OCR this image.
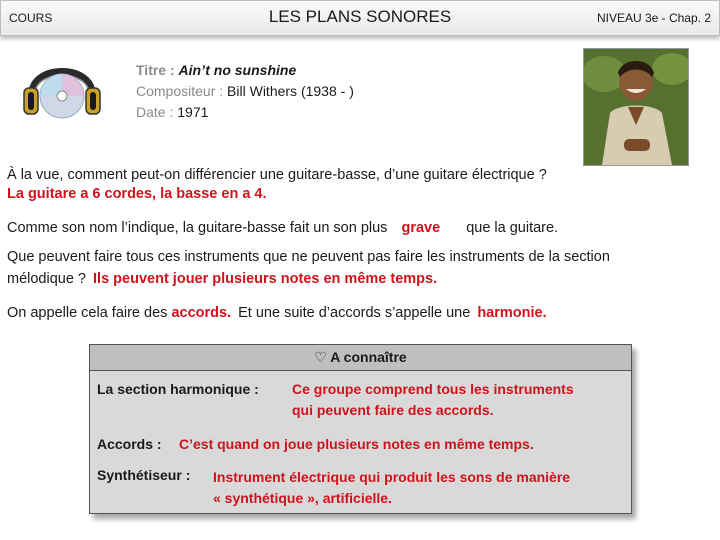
COURS	LES PLANS SONORES	NIVEAU 3e - Chap. 2
Titre : Ain’t no sunshine
Compositeur : Bill Withers (1938 - )
Date : 1971
À la vue, comment peut-on différencier une guitare-basse, d’une guitare électrique ?
La guitare a 6 cordes, la basse en a 4.
Comme son nom l’indique, la guitare-basse fait un son plus grave que la guitare.
Que peuvent faire tous ces instruments que ne peuvent pas faire les instruments de la section
mélodique ? Ils peuvent jouer plusieurs notes en même temps.
On appelle cela faire des accords. Et une suite d’accords s’appelle une harmonie.
♡ A connaître
La section harmonique : Ce groupe comprend tous les instruments
qui peuvent faire des accords.
Accords : C’est quand on joue plusieurs notes en même temps.
Synthétiseur : Instrument électrique qui produit les sons de manière
« synthétique », artificielle.
